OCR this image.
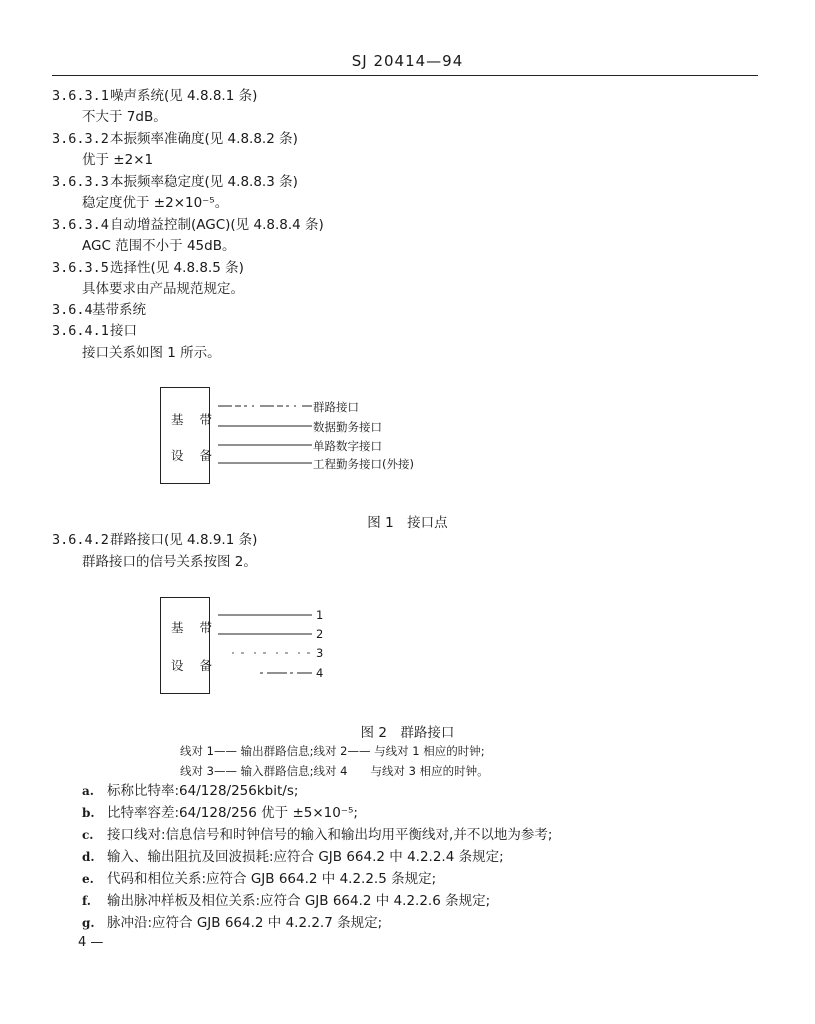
SJ 20414—94
3.6.3.1噪声系统(见 4.8.8.1 条)
不大于 7dB。
3.6.3.2本振频率准确度(见 4.8.8.2 条)
优于 ±2×1
3.6.3.3本振频率稳定度(见 4.8.8.3 条)
稳定度优于 ±2×10⁻⁵。
3.6.3.4自动增益控制(AGC)(见 4.8.8.4 条)
AGC 范围不小于 45dB。
3.6.3.5选择性(见 4.8.8.5 条)
具体要求由产品规范规定。
3.6.4基带系统
3.6.4.1接口
接口关系如图 1 所示。
基 带
设 备
群路接口
数据勤务接口
单路数字接口
工程勤务接口(外接)
图 1　接口点
3.6.4.2群路接口(见 4.8.9.1 条)
群路接口的信号关系按图 2。
基 带
设 备
1
2
3
4
图 2　群路接口
线对 1—— 输出群路信息;线对 2—— 与线对 1 相应的时钟;
线对 3—— 输入群路信息;线对 4　　与线对 3 相应的时钟。
a. 标称比特率:64/128/256kbit/s;
b. 比特率容差:64/128/256 优于 ±5×10⁻⁵;
c. 接口线对:信息信号和时钟信号的输入和输出均用平衡线对,并不以地为参考;
d. 输入、输出阻抗及回波损耗:应符合 GJB 664.2 中 4.2.2.4 条规定;
e. 代码和相位关系:应符合 GJB 664.2 中 4.2.2.5 条规定;
f. 输出脉冲样板及相位关系:应符合 GJB 664.2 中 4.2.2.6 条规定;
g. 脉冲沿:应符合 GJB 664.2 中 4.2.2.7 条规定;
4 —
